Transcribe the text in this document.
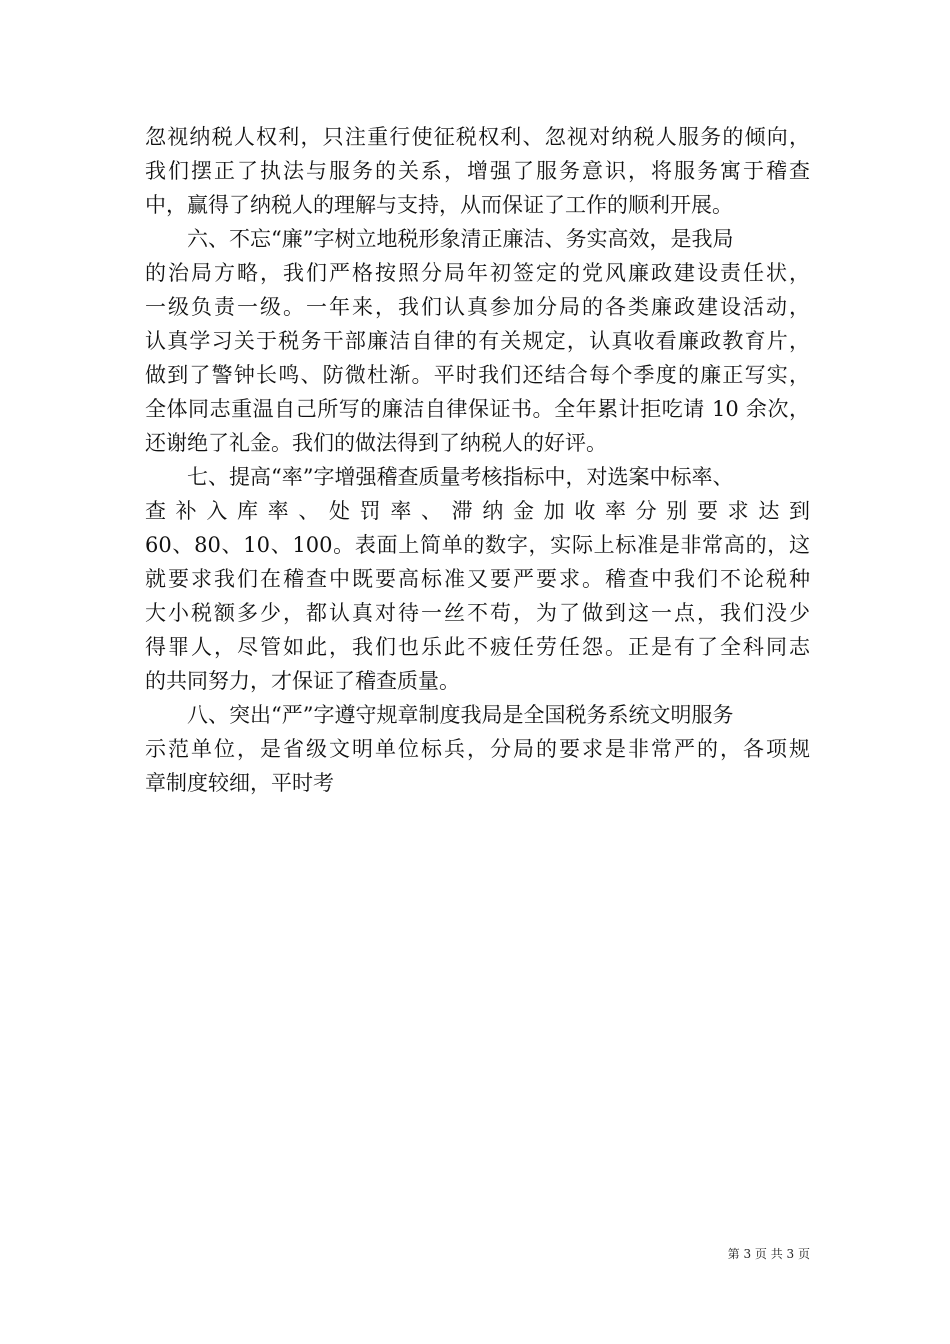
忽视纳税人权利，只注重行使征税权利、忽视对纳税人服务的倾向，

我们摆正了执法与服务的关系，增强了服务意识，将服务寓于稽查

中，赢得了纳税人的理解与支持，从而保证了工作的顺利开展。

六、不忘“廉”字树立地税形象清正廉洁、务实高效，是我局

的治局方略，我们严格按照分局年初签定的党风廉政建设责任状，

一级负责一级。一年来，我们认真参加分局的各类廉政建设活动，

认真学习关于税务干部廉洁自律的有关规定，认真收看廉政教育片，

做到了警钟长鸣、防微杜渐。平时我们还结合每个季度的廉正写实，

全体同志重温自己所写的廉洁自律保证书。全年累计拒吃请 10 余次，

还谢绝了礼金。我们的做法得到了纳税人的好评。

七、提高“率”字增强稽查质量考核指标中，对选案中标率、

查补入库率、处罚率、滞纳金加收率分别要求达到

60、80、10、100。表面上简单的数字，实际上标准是非常高的，这

就要求我们在稽查中既要高标准又要严要求。稽查中我们不论税种

大小税额多少，都认真对待一丝不苟，为了做到这一点，我们没少

得罪人，尽管如此，我们也乐此不疲任劳任怨。正是有了全科同志

的共同努力，才保证了稽查质量。

八、突出“严”字遵守规章制度我局是全国税务系统文明服务

示范单位，是省级文明单位标兵，分局的要求是非常严的，各项规

章制度较细，平时考

第 3 页 共 3 页
